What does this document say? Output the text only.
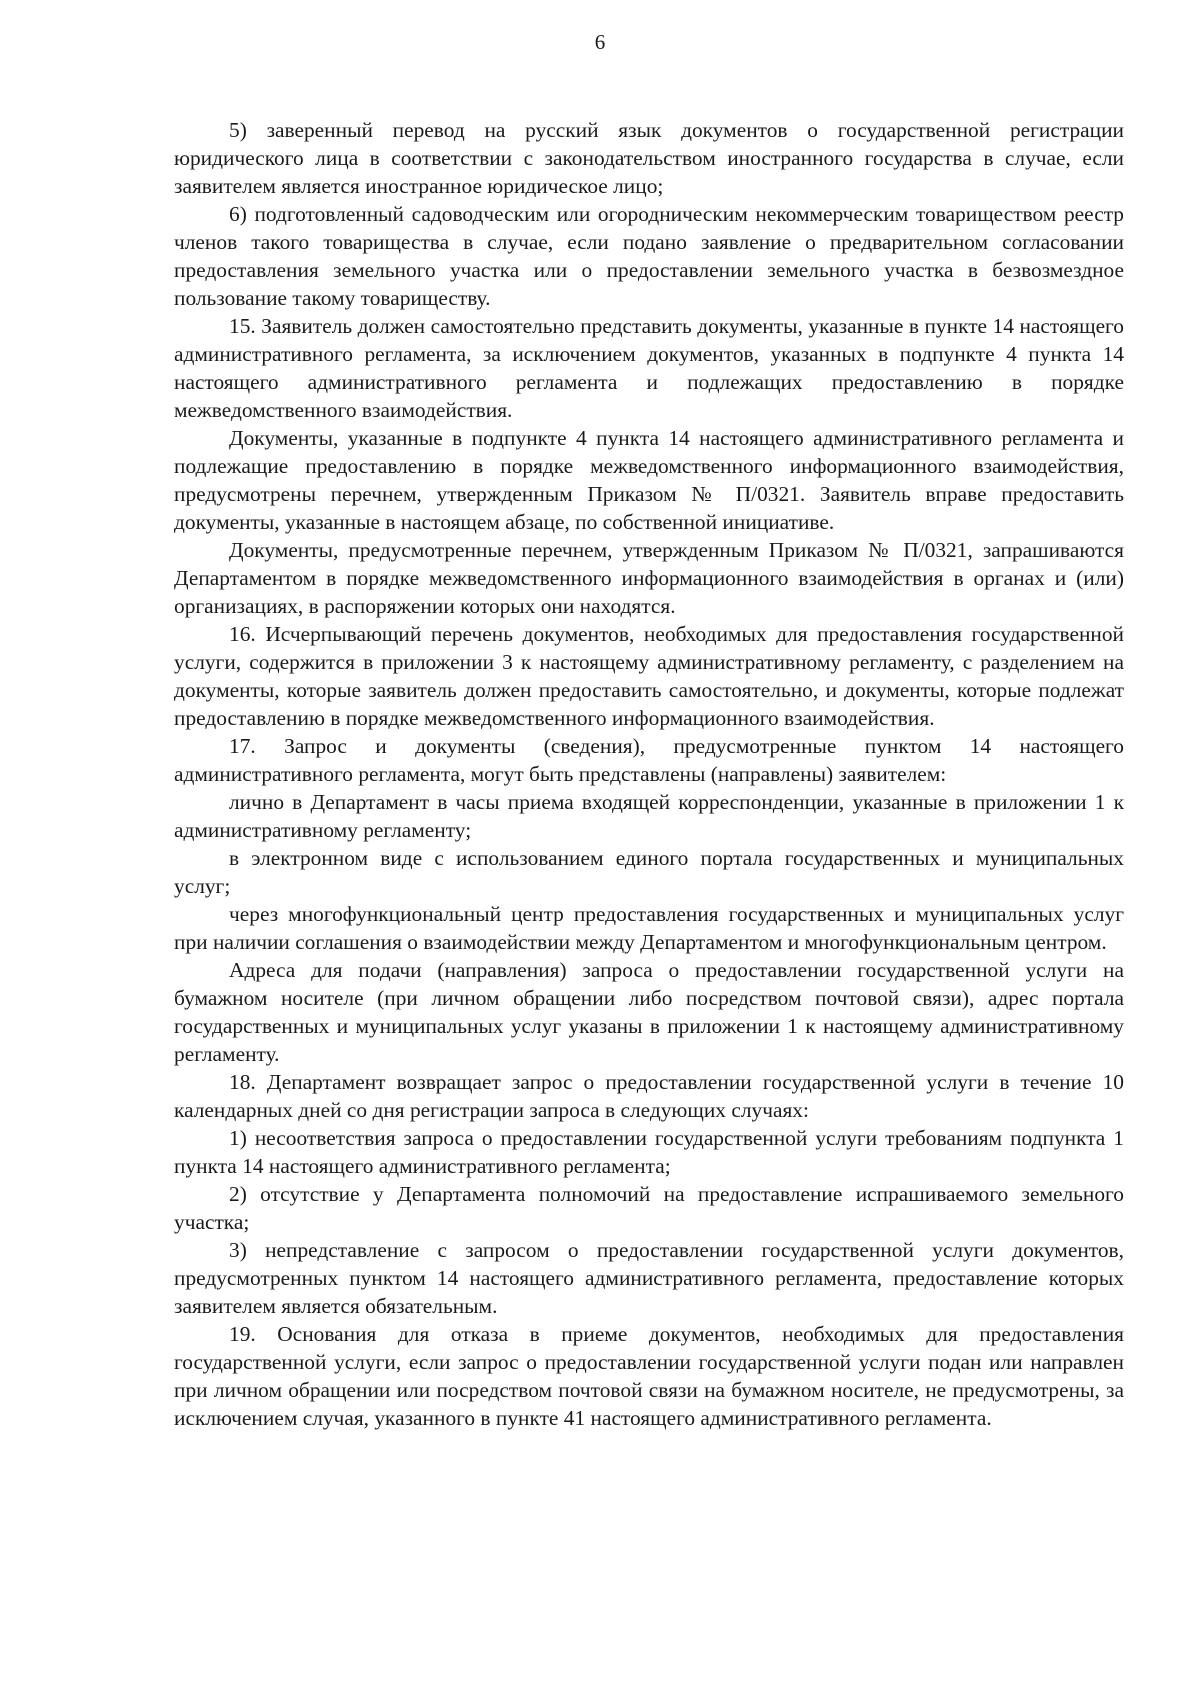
6

5) заверенный перевод на русский язык документов о государственной регистрации юридического лица в соответствии с законодательством иностранного государства в случае, если заявителем является иностранное юридическое лицо;

6) подготовленный садоводческим или огородническим некоммерческим товариществом реестр членов такого товарищества в случае, если подано заявление о предварительном согласовании предоставления земельного участка или о предоставлении земельного участка в безвозмездное пользование такому товариществу.

15. Заявитель должен самостоятельно представить документы, указанные в пункте 14 настоящего административного регламента, за исключением документов, указанных в подпункте 4 пункта 14 настоящего административного регламента и подлежащих предоставлению в порядке межведомственного взаимодействия.

Документы, указанные в подпункте 4 пункта 14 настоящего административного регламента и подлежащие предоставлению в порядке межведомственного информационного взаимодействия, предусмотрены перечнем, утвержденным Приказом № П/0321. Заявитель вправе предоставить документы, указанные в настоящем абзаце, по собственной инициативе.

Документы, предусмотренные перечнем, утвержденным Приказом № П/0321, запрашиваются Департаментом в порядке межведомственного информационного взаимодействия в органах и (или) организациях, в распоряжении которых они находятся.

16. Исчерпывающий перечень документов, необходимых для предоставления государственной услуги, содержится в приложении 3 к настоящему административному регламенту, с разделением на документы, которые заявитель должен предоставить самостоятельно, и документы, которые подлежат предоставлению в порядке межведомственного информационного взаимодействия.

17. Запрос и документы (сведения), предусмотренные пунктом 14 настоящего административного регламента, могут быть представлены (направлены) заявителем:

лично в Департамент в часы приема входящей корреспонденции, указанные в приложении 1 к административному регламенту;

в электронном виде с использованием единого портала государственных и муниципальных услуг;

через многофункциональный центр предоставления государственных и муниципальных услуг при наличии соглашения о взаимодействии между Департаментом и многофункциональным центром.

Адреса для подачи (направления) запроса о предоставлении государственной услуги на бумажном носителе (при личном обращении либо посредством почтовой связи), адрес портала государственных и муниципальных услуг указаны в приложении 1 к настоящему административному регламенту.

18. Департамент возвращает запрос о предоставлении государственной услуги в течение 10 календарных дней со дня регистрации запроса в следующих случаях:

1) несоответствия запроса о предоставлении государственной услуги требованиям подпункта 1 пункта 14 настоящего административного регламента;

2) отсутствие у Департамента полномочий на предоставление испрашиваемого земельного участка;

3) непредставление с запросом о предоставлении государственной услуги документов, предусмотренных пунктом 14 настоящего административного регламента, предоставление которых заявителем является обязательным.

19. Основания для отказа в приеме документов, необходимых для предоставления государственной услуги, если запрос о предоставлении государственной услуги подан или направлен при личном обращении или посредством почтовой связи на бумажном носителе, не предусмотрены, за исключением случая, указанного в пункте 41 настоящего административного регламента.
